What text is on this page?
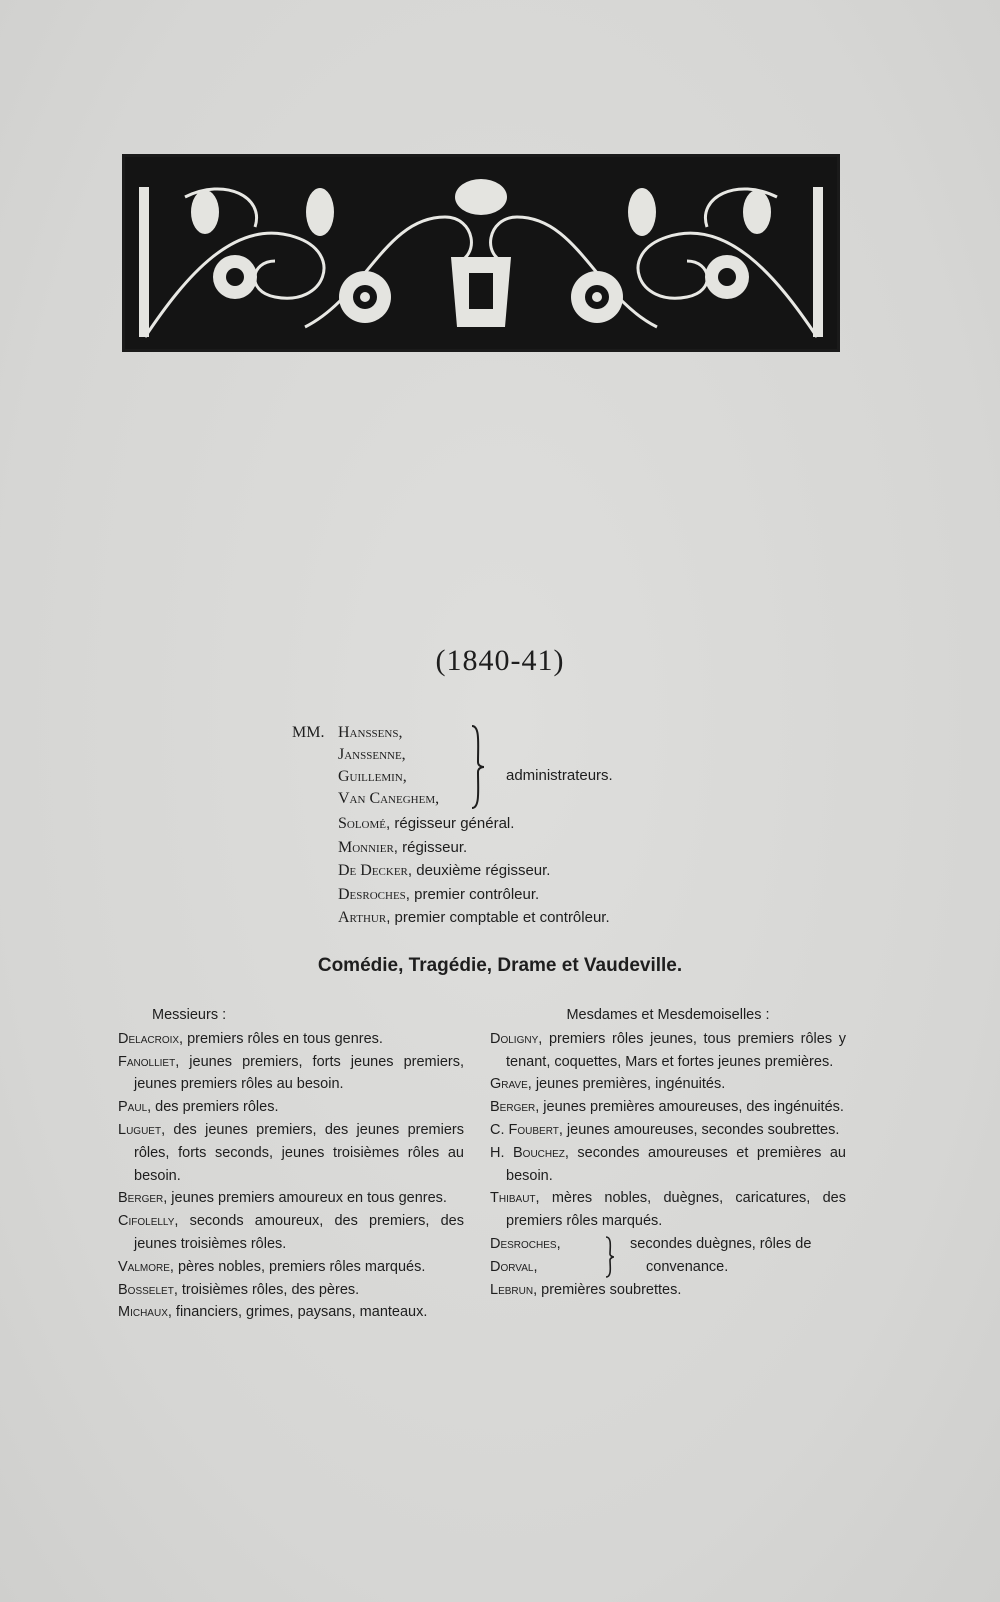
(1840-41)
MM. Hanssens,
Janssenne,
Guillemin,
Van Caneghem,
administrateurs.
Solomé, régisseur général.
Monnier, régisseur.
De Decker, deuxième régisseur.
Desroches, premier contrôleur.
Arthur, premier comptable et contrôleur.
Comédie, Tragédie, Drame et Vaudeville.
Messieurs :
Delacroix, premiers rôles en tous genres.
Fanolliet, jeunes premiers, forts jeunes premiers, jeunes premiers rôles au besoin.
Paul, des premiers rôles.
Luguet, des jeunes premiers, des jeunes premiers rôles, forts seconds, jeunes troisièmes rôles au besoin.
Berger, jeunes premiers amoureux en tous genres.
Cifolelly, seconds amoureux, des premiers, des jeunes troisièmes rôles.
Valmore, pères nobles, premiers rôles marqués.
Bosselet, troisièmes rôles, des pères.
Michaux, financiers, grimes, paysans, manteaux.
Mesdames et Mesdemoiselles :
Doligny, premiers rôles jeunes, tous premiers rôles y tenant, coquettes, Mars et fortes jeunes premières.
Grave, jeunes premières, ingénuités.
Berger, jeunes premières amoureuses, des ingénuités.
C. Foubert, jeunes amoureuses, secondes soubrettes.
H. Bouchez, secondes amoureuses et premières au besoin.
Thibaut, mères nobles, duègnes, caricatures, des premiers rôles marqués.
Desroches,
Dorval,
secondes duègnes, rôles de
convenance.
Lebrun, premières soubrettes.
